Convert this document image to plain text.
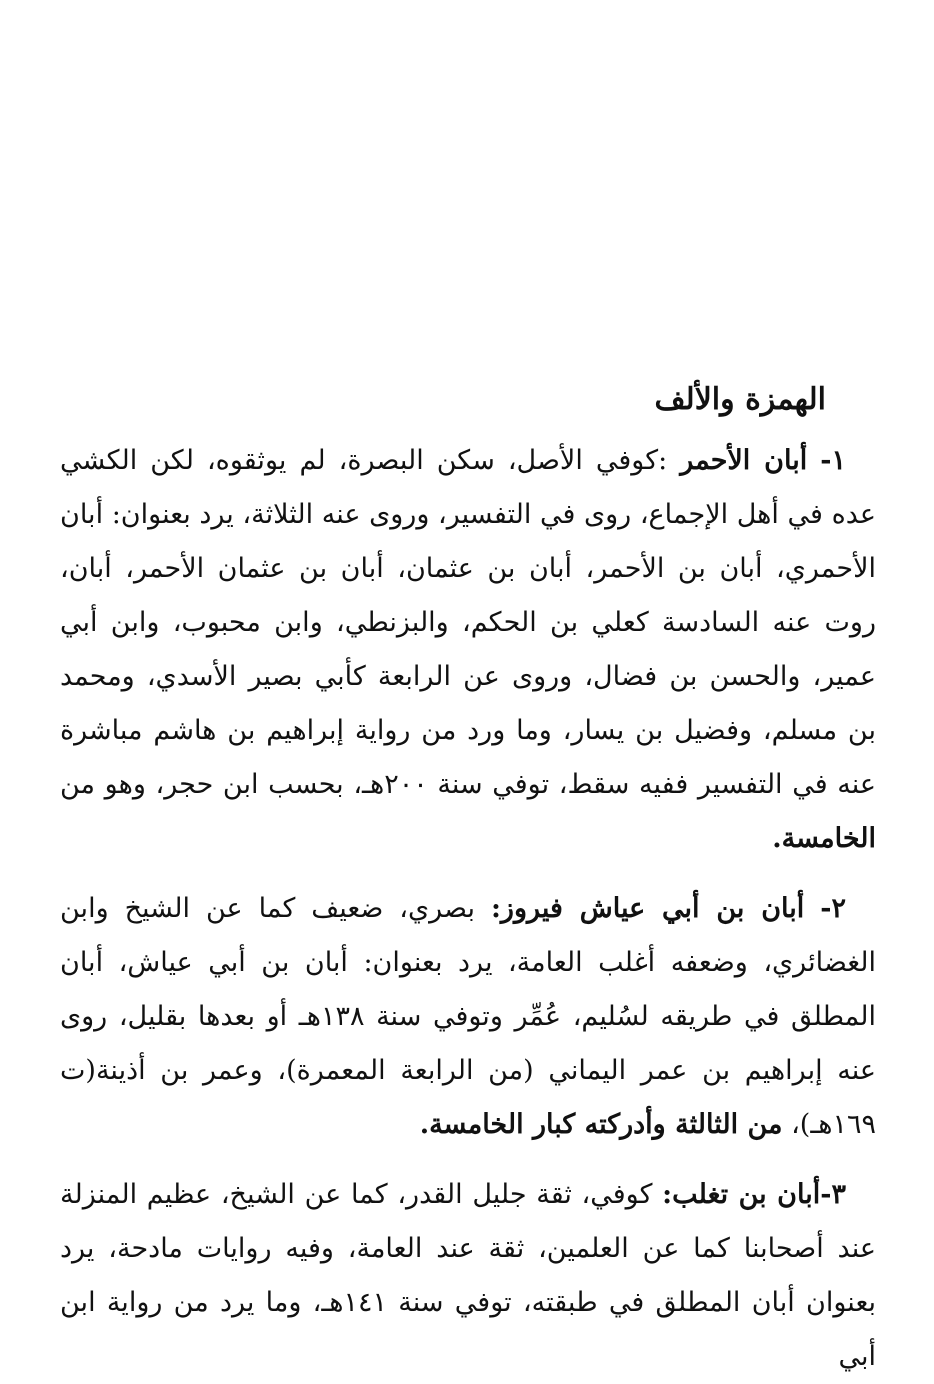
الهمزة والألف

١- أبان الأحمر :كوفي الأصل، سكن البصرة، لم يوثقوه، لكن الكشي عده في أهل الإجماع، روى في التفسير، وروى عنه الثلاثة، يرد بعنوان: أبان الأحمري، أبان بن الأحمر، أبان بن عثمان، أبان بن عثمان الأحمر، أبان، روت عنه السادسة كعلي بن الحكم، والبزنطي، وابن محبوب، وابن أبي عمير، والحسن بن فضال، وروى عن الرابعة كأبي بصير الأسدي، ومحمد بن مسلم، وفضيل بن يسار، وما ورد من رواية إبراهيم بن هاشم مباشرة عنه في التفسير ففيه سقط، توفي سنة ٢٠٠هـ، بحسب ابن حجر، وهو من الخامسة.

٢- أبان بن أبي عياش فيروز: بصري، ضعيف كما عن الشيخ وابن الغضائري، وضعفه أغلب العامة، يرد بعنوان: أبان بن أبي عياش، أبان المطلق في طريقه لسُليم، عُمِّر وتوفي سنة ١٣٨هـ أو بعدها بقليل، روى عنه إبراهيم بن عمر اليماني (من الرابعة المعمرة)، وعمر بن أذينة(ت ١٦٩هـ)، من الثالثة وأدركته كبار الخامسة.

٣-أبان بن تغلب: كوفي، ثقة جليل القدر، كما عن الشيخ، عظيم المنزلة عند أصحابنا كما عن العلمين، ثقة عند العامة، وفيه روايات مادحة، يرد بعنوان أبان المطلق في طبقته، توفي سنة ١٤١هـ، وما يرد من رواية ابن أبي
